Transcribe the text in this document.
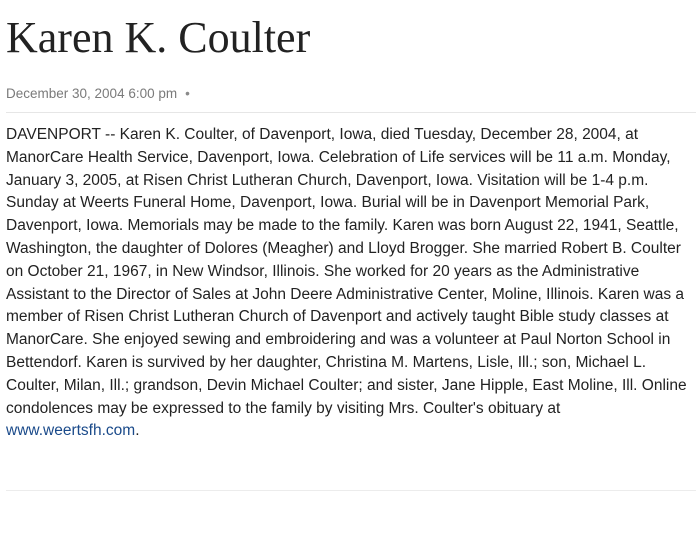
Karen K. Coulter
December 30, 2004 6:00 pm •

DAVENPORT -- Karen K. Coulter, of Davenport, Iowa, died Tuesday, December 28, 2004, at ManorCare Health Service, Davenport, Iowa. Celebration of Life services will be 11 a.m. Monday, January 3, 2005, at Risen Christ Lutheran Church, Davenport, Iowa. Visitation will be 1-4 p.m. Sunday at Weerts Funeral Home, Davenport, Iowa. Burial will be in Davenport Memorial Park, Davenport, Iowa. Memorials may be made to the family. Karen was born August 22, 1941, Seattle, Washington, the daughter of Dolores (Meagher) and Lloyd Brogger. She married Robert B. Coulter on October 21, 1967, in New Windsor, Illinois. She worked for 20 years as the Administrative Assistant to the Director of Sales at John Deere Administrative Center, Moline, Illinois. Karen was a member of Risen Christ Lutheran Church of Davenport and actively taught Bible study classes at ManorCare. She enjoyed sewing and embroidering and was a volunteer at Paul Norton School in Bettendorf. Karen is survived by her daughter, Christina M. Martens, Lisle, Ill.; son, Michael L. Coulter, Milan, Ill.; grandson, Devin Michael Coulter; and sister, Jane Hipple, East Moline, Ill. Online condolences may be expressed to the family by visiting Mrs. Coulter's obituary at
www.weertsfh.com.
